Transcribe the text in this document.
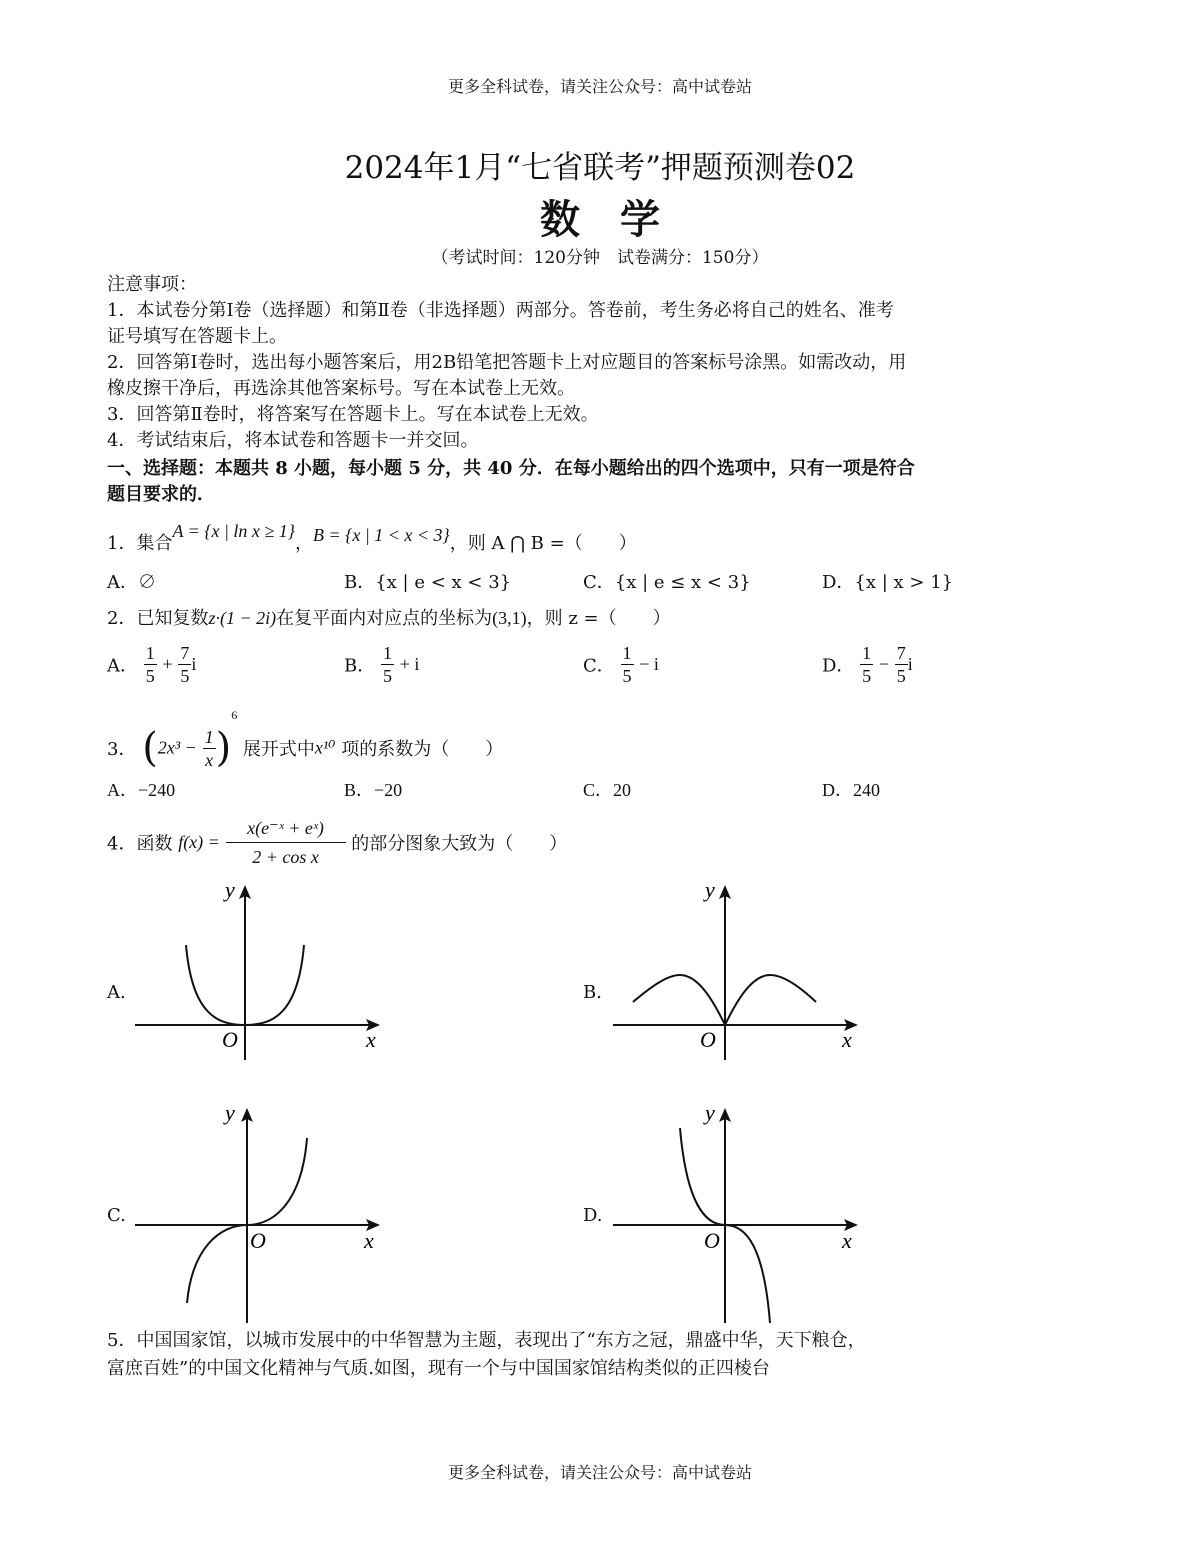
更多全科试卷，请关注公众号：高中试卷站
2024年1月“七省联考”押题预测卷02
数学
（考试时间：120分钟　试卷满分：150分）
注意事项：
1．本试卷分第Ⅰ卷（选择题）和第Ⅱ卷（非选择题）两部分。答卷前，考生务必将自己的姓名、准考
证号填写在答题卡上。
2．回答第Ⅰ卷时，选出每小题答案后，用2B铅笔把答题卡上对应题目的答案标号涂黑。如需改动，用
橡皮擦干净后，再选涂其他答案标号。写在本试卷上无效。
3．回答第Ⅱ卷时，将答案写在答题卡上。写在本试卷上无效。
4．考试结束后，将本试卷和答题卡一并交回。
一、选择题：本题共 8 小题，每小题 5 分，共 40 分．在每小题给出的四个选项中，只有一项是符合
题目要求的．
1．集合A = {x | ln x ≥ 1}，B = {x | 1 < x < 3}，则 A ⋂ B =（　　）
A．∅	B．{x | e < x < 3}	C．{x | e ≤ x < 3}	D．{x | x > 1}
2．已知复数z·(1 − 2i)在复平面内对应点的坐标为(3,1)，则 z =（　　）
A． $\frac{1}{5} + \frac{7}{5}$ i	B． $\frac{1}{5} + i$	C． $\frac{1}{5} - i$	D． $\frac{1}{5} - \frac{7}{5}$ i
3． $(2x^3 - \frac{1}{x} )^6$ 展开式中x¹⁰ 项的系数为（　　）
A．−240	B．−20	C．20	D．240
4．函数 $f(x) = \frac{\text{x(e⁻ˣ + eˣ)}}{\text{2 + cos x}}$ 的部分图象大致为（　　）
A.
y
x
O
B.
y
x
O
C.
y
x
O
D.
y
x
O
5．中国国家馆，以城市发展中的中华智慧为主题，表现出了“东方之冠，鼎盛中华，天下粮仓，
富庶百姓”的中国文化精神与气质.如图，现有一个与中国国家馆结构类似的正四棱台
更多全科试卷，请关注公众号：高中试卷站
